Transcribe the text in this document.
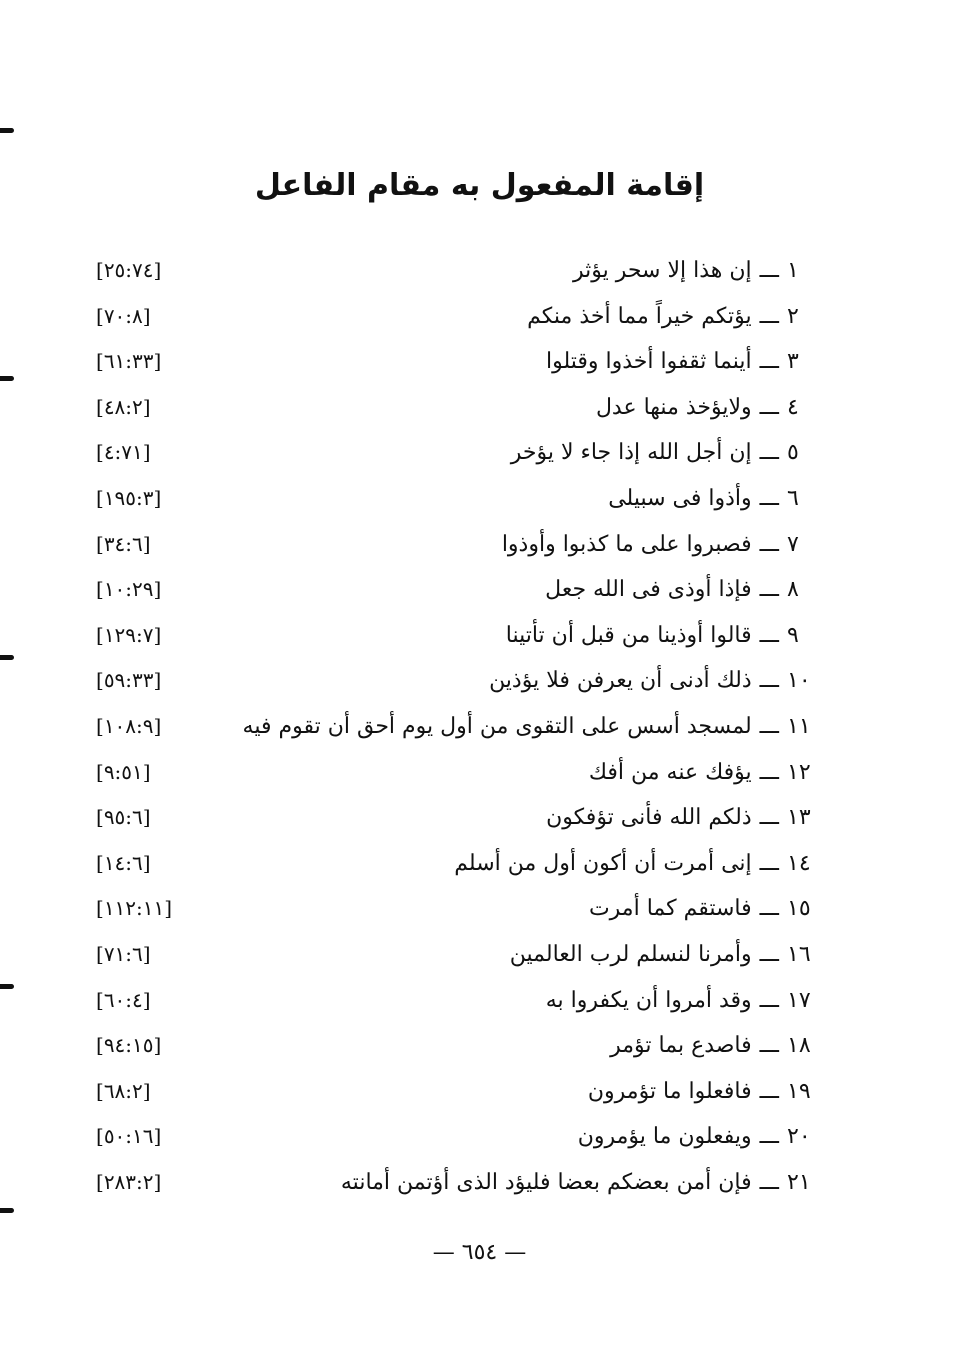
إقامة المفعول به مقام الفاعل
١ـــإن هذا إلا سحر يؤثر
[٢٥:٧٤]
٢ـــيؤتكم خيراً مما أخذ منكم
[٧٠:٨]
٣ـــأينما ثقفوا أخذوا وقتلوا
[٦١:٣٣]
٤ـــولايؤخذ منها عدل
[٤٨:٢]
٥ـــإن أجل الله إذا جاء لا يؤخر
[٤:٧١]
٦ـــوأذوا فى سبيلى
[١٩٥:٣]
٧ـــفصبروا على ما كذبوا وأوذوا
[٣٤:٦]
٨ـــفإذا أوذى فى الله جعل
[١٠:٢٩]
٩ـــقالوا أوذينا من قبل أن تأتينا
[١٢٩:٧]
١٠ـــذلك أدنى أن يعرفن فلا يؤذين
[٥٩:٣٣]
١١ـــلمسجد أسس على التقوى من أول يوم أحق أن تقوم فيه
[١٠٨:٩]
١٢ـــيؤفك عنه من أفك
[٩:٥١]
١٣ـــذلكم الله فأنى تؤفكون
[٩٥:٦]
١٤ـــإنى أمرت أن أكون أول من أسلم
[١٤:٦]
١٥ـــفاستقم كما أمرت
[١١٢:١١]
١٦ـــوأمرنا لنسلم لرب العالمين
[٧١:٦]
١٧ـــوقد أمروا أن يكفروا به
[٦٠:٤]
١٨ـــفاصدع بما تؤمر
[٩٤:١٥]
١٩ـــفافعلوا ما تؤمرون
[٦٨:٢]
٢٠ـــويفعلون ما يؤمرون
[٥٠:١٦]
٢١ـــفإن أمن بعضكم بعضا فليؤد الذى أؤتمن أمانته
[٢٨٣:٢]
— ٦٥٤ —
